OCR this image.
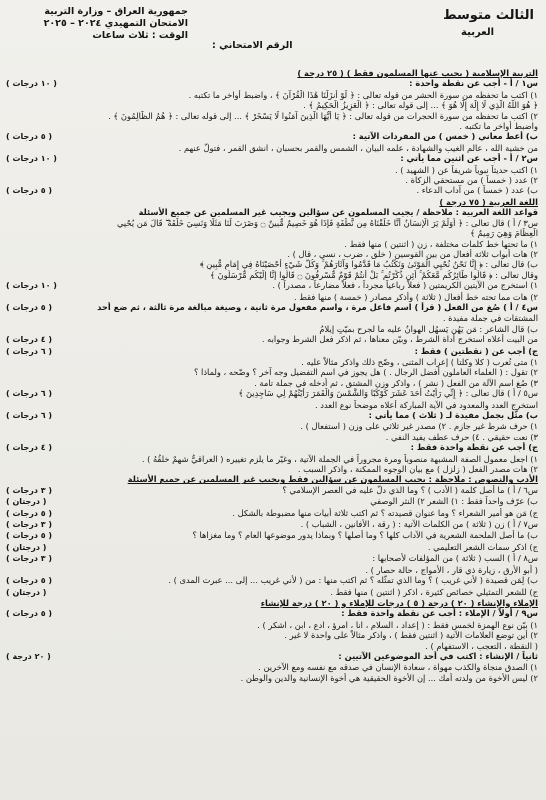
الثالث متوسط
العربية
الرقم الامتحاني :
جمهورية العراق – وزارة التربية
الامتحان التمهيدي ٢٠٢٤ – ٢٠٢٥
الوقت : ثلاث ساعات
التربية الإسلامية ( يجيب عنها المسلمون فقط ) ( ٢٥ درجة )
س١ / أ - أجب عن نقطة واحدة :
( ١٠ درجات )
١) اكتب ما تحفظه من سورة الحشر من قوله تعالى : ﴿ لَوْ أَنزَلْنَا هَٰذَا الْقُرْآنَ ﴾ ، واضبط أواخر ما تكتبه .
﴿ هُوَ اللَّهُ الَّذِي لَا إِلَٰهَ إِلَّا هُوَ ﴾ ... إلى قوله تعالى : ﴿ الْعَزِيزُ الْحَكِيمُ ﴾ .
٢) اكتب ما تحفظه من سورة الحجرات من قوله تعالى : ﴿ يَا أَيُّهَا الَّذِينَ آمَنُوا لَا يَسْخَرْ ﴾ ... إلى قوله تعالى : ﴿ هُمُ الظَّالِمُونَ ﴾ .
واضبط أواخر ما تكتبه .
ب) أعط معاني ( خمس ) من المفردات الآتية :
( ٥ درجات )
من خشية الله ، عالم الغيب والشهادة ، علمه البيان ، الشمس والقمر بحسبان ، انشق القمر ، فتولّ عنهم .
س٢ / أ - أجب عن اثنين مما يأتي :
( ١٠ درجات )
١) اكتب حديثاً نبوياً شريفاً عن ( الشهيد ) .
٢) عدد ( خمساً ) من مستحقي الزكاة .
ب) عدد ( خمساً ) من آداب الدعاء .
( ٥ درجات )
اللغة العربية ( ٧٥ درجة )
قواعد اللغة العربية : ملاحظة / يجيب المسلمون عن سؤالين ويجيب غير المسلمين عن جميع الأسئلة
س٣ / أ ) قال تعالى : ﴿ أَوَلَمْ يَرَ الْإِنسَانُ أَنَّا خَلَقْنَاهُ مِن نُّطْفَةٍ فَإِذَا هُوَ خَصِيمٌ مُّبِينٌ ۝ وَضَرَبَ لَنَا مَثَلًا وَنَسِيَ خَلْقَهُ ۖ قَالَ مَن يُحْيِي
الْعِظَامَ وَهِيَ رَمِيمٌ ﴾
١) ما تحتها خط كلمات مختلفة ، زن ( اثنتين ) منها فقط .
٢) هات أبواب ثلاثة أفعال من بين القوسين ( خلق ، ضرب ، نسي ، قال ) .
ب) قال تعالى : ﴿ إِنَّا نَحْنُ نُحْيِي الْمَوْتَىٰ وَنَكْتُبُ مَا قَدَّمُوا وَآثَارَهُمْ ۚ وَكُلَّ شَيْءٍ أَحْصَيْنَاهُ فِي إِمَامٍ مُّبِينٍ ﴾
وقال تعالى : ﴿ قَالُوا طَائِرُكُم مَّعَكُمْ ۚ أَئِن ذُكِّرْتُم ۚ بَلْ أَنتُمْ قَوْمٌ مُّسْرِفُونَ ۝ قَالُوا إِنَّا إِلَيْكُم مُّرْسَلُونَ ﴾
١) استخرج من الآيتين الكريمتين ( فعلاً رباعياً مجرداً ، فعلاً مضارعاً ، مصدراً ) .
( ١٠ درجات )
٢) هات مما تحته خط أفعال ( ثلاثة ) وأذكر مصادر ( خمسة ) منها فقط .
س٤ / أ ) صُغ من الفعل ( قرأ ) اسم فاعل مرة ، واسم مفعول مرة ثانية ، وصيغة مبالغة مرة ثالثة ، ثم ضع أحد
( ٥ درجات )
المشتقات في جملة مفيدة .
ب) قال الشاعر : مَن يَهُن يَسهُلِ الهوانُ عليه ما لجرحٍ بميّتٍ إيلامُ
من البيت أعلاه استخرج أداة الشرط ، وبيّن معناها ، ثم اذكر فعل الشرط وجوابه .
( ٤ درجات )
ج) أجب عن ( نقطتين ) فقط :
( ٦ درجات )
١) متى تُعرب ( كلا وكلتا ) إعراب المثنى ، وضّح ذلك واذكر مثالاً عليه .
٢) تقول : ( العلماء العاملون أفضل الرجال . ) هل يجوز في اسم التفضيل وجه آخر ؟ وضّحه ، ولماذا ؟
٣) صُغ اسم الآلة من الفعل ( نشر ) ، واذكر وزن المشتق ، ثم أدخله في جملة تامة .
س٥ / أ ) قال تعالى : ﴿ إِنِّي رَأَيْتُ أَحَدَ عَشَرَ كَوْكَبًا وَالشَّمْسَ وَالْقَمَرَ رَأَيْتُهُمْ لِي سَاجِدِينَ ﴾
( ٦ درجات )
استخرج العدد والمعدود في الآية المباركة أعلاه موضحاً نوع العدد .
ب) مثّل بجمل مفيدة لـ ( ثلاث ) مما يأتي :
( ٦ درجات )
١) حرف شرط غير جازم . ٢) مصدر غير ثلاثي على وزن ( استفعال ) .
٣) نعت حقيقي . ٤) حرف عطف يفيد النفي .
ج) أجب عن نقطة واحدة فقط :
( ٤ درجات )
١) اجعل معمول الصفة المشبهة منصوباً ومرة مجروراً في الجملة الآتية ، وغيّر ما يلزم تغييره ( العراقيُّ شهمٌ خلقُهُ ) .
٢) هات مصدر الفعل ( زلزل ) مع بيان الوجوه الممكنة ، واذكر السبب .
الأدب والنصوص : ملاحظة : يجيب المسلمون عن سؤالين فقط ويجيب غير المسلمين عن جميع الأسئلة
س٦ / أ ) ما أصل كلمة ( الأدب ) ؟ وما الذي دلّ عليه في العصر الإسلامي ؟
( ٣ درجات )
ب) عرّف واحداً فقط : ١) الشعر ٢) النثر الوصفي
( درجتان )
ج) مَن هو أمير الشعراء ؟ وما عنوان قصيدته ؟ ثم اكتب ثلاثة أبيات منها مضبوطة بالشكل .
( ٥ درجات )
س٧ / أ ) زِن ( ثلاثة ) من الكلمات الآتية : ( رقة ، الأفانين ، الشباب ) .
( ٣ درجات )
ب) ما أصل الملحمة الشعرية في الآداب كلها ؟ وما أصلها ؟ وبماذا يدور موضوعها العام ؟ وما مغزاها ؟
( ٥ درجات )
ج) اذكر سمات الشعر التعليمي .
( درجتان )
س٨ / أ ) السب ( ثلاثة ) من المؤلفات لأصحابها :
( ٣ درجات )
( أبو الأرق ، زيارة ذي قار ، الأمواج ، حالة حصار ) .
ب) لِمَن قصيدة ( لأني غريب ) ؟ وما الذي تمثّله ؟ ثم اكتب منها : من ( لأني غريب ... إلى ... عبرت المدى ) .
( ٥ درجات )
ج) للشعر التمثيلي خصائص كثيرة ، اذكر ( اثنتين ) منها فقط .
( درجتان )
الإملاء والإنشاء ( ٢٠ ) درجة ( ٥ ) درجات للإملاء و ( ٢٠ ) درجة للإنشاء
س٩ / أولاً / الإملاء : أجب عن نقطة واحدة فقط :
( ٥ درجات )
١) بيّن نوع الهمزة لخمس فقط : ( إعداد ، السلام ، انا ، امرؤ ، ادع ، ابن ، اشكر ) .
٢) أين توضع العلامات الآتية ( اثنتين فقط ) ، واذكر مثالاً على واحدة لا غير .
( النقطة ، التعجب ، الاستفهام ) .
ثانياً / الإنشاء : اكتب في أحد الموضوعين الآتيين :
( ٢٠ درجة )
١) الصدق منجاة والكذب مهواة ، سعادة الإنسان في صدقه مع نفسه ومع الآخرين .
٢) ليس الأخوة من ولدته أمك ... إن الأخوة الحقيقية هي أخوة الإنسانية والدين والوطن .
